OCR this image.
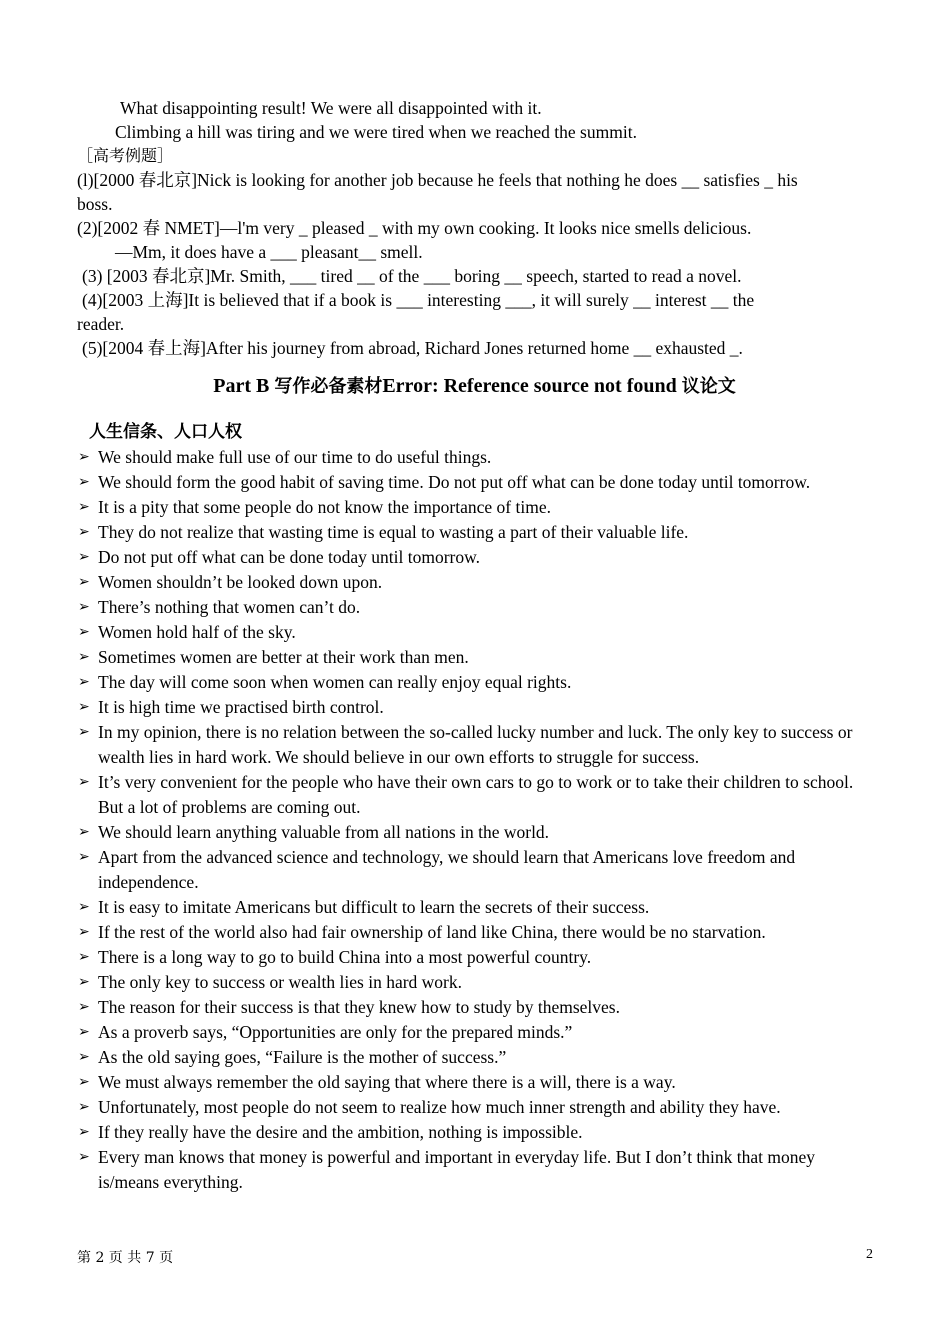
What disappointing result! We were all disappointed with it.

Climbing a hill was tiring and we were tired when we reached the summit.

［高考例题］

(l)[2000 春北京]Nick is looking for another job because he feels that nothing he does __ satisfies _ his

boss.

(2)[2002 春 NMET]—l'm very _ pleased _ with my own cooking. It looks nice smells delicious.

—Mm, it does have a ___ pleasant__ smell.

(3) [2003 春北京]Mr. Smith, ___ tired __ of the ___ boring __ speech, started to read a novel.

(4)[2003 上海]It is believed that if a book is ___ interesting ___, it will surely __ interest __ the

reader.

(5)[2004 春上海]After his journey from abroad, Richard Jones returned home __ exhausted _.

Part B 写作必备素材Error: Reference source not found 议论文
人生信条、人口人权
➢ We should make full use of our time to do useful things.
➢ We should form the good habit of saving time. Do not put off what can be done today until tomorrow.
➢ It is a pity that some people do not know the importance of time.
➢ They do not realize that wasting time is equal to wasting a part of their valuable life.
➢ Do not put off what can be done today until tomorrow.
➢ Women shouldn’t be looked down upon.
➢ There’s nothing that women can’t do.
➢ Women hold half of the sky.
➢ Sometimes women are better at their work than men.
➢ The day will come soon when women can really enjoy equal rights.
➢ It is high time we practised birth control.
➢ In my opinion, there is no relation between the so-called lucky number and luck. The only key to success or wealth lies in hard work. We should believe in our own efforts to struggle for success.
➢ It’s very convenient for the people who have their own cars to go to work or to take their children to school. But a lot of problems are coming out.
➢ We should learn anything valuable from all nations in the world.
➢ Apart from the advanced science and technology, we should learn that Americans love freedom and independence.
➢ It is easy to imitate Americans but difficult to learn the secrets of their success.
➢ If the rest of the world also had fair ownership of land like China, there would be no starvation.
➢ There is a long way to go to build China into a most powerful country.
➢ The only key to success or wealth lies in hard work.
➢ The reason for their success is that they knew how to study by themselves.
➢ As a proverb says, “Opportunities are only for the prepared minds.”
➢ As the old saying goes, “Failure is the mother of success.”
➢ We must always remember the old saying that where there is a will, there is a way.
➢ Unfortunately, most people do not seem to realize how much inner strength and ability they have.
➢ If they really have the desire and the ambition, nothing is impossible.
➢ Every man knows that money is powerful and important in everyday life. But I don’t think that money is/means everything.
第 2 页 共 7 页	2
